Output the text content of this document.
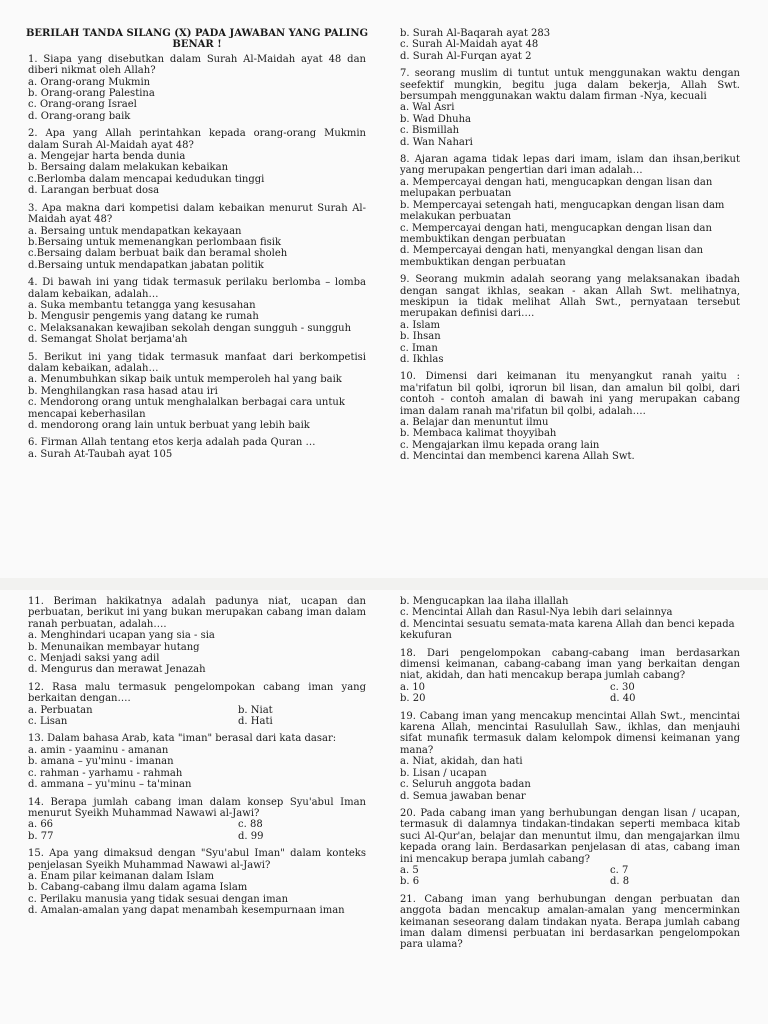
BERILAH TANDA SILANG (X) PADA JAWABAN YANG PALING BENAR !

1. Siapa yang disebutkan dalam Surah Al-Maidah ayat 48 dan diberi nikmat oleh Allah?

a. Orang-orang Mukmin

b. Orang-orang Palestina

c. Orang-orang Israel

d. Orang-orang baik

2. Apa yang Allah perintahkan kepada orang-orang Mukmin dalam Surah Al-Maidah ayat 48?

a. Mengejar harta benda dunia

b. Bersaing dalam melakukan kebaikan

c.Berlomba dalam mencapai kedudukan tinggi

d. Larangan berbuat dosa

3. Apa makna dari kompetisi dalam kebaikan menurut Surah Al-Maidah ayat 48?

a. Bersaing untuk mendapatkan kekayaan

b.Bersaing untuk memenangkan perlombaan fisik

c.Bersaing dalam berbuat baik dan beramal sholeh

d.Bersaing untuk mendapatkan jabatan politik

4. Di bawah ini yang tidak termasuk perilaku berlomba – lomba dalam kebaikan, adalah…

a. Suka membantu tetangga yang kesusahan

b. Mengusir pengemis yang datang ke rumah

c. Melaksanakan kewajiban sekolah dengan sungguh - sungguh

d. Semangat Sholat berjama'ah

5. Berikut ini yang tidak termasuk manfaat dari berkompetisi dalam kebaikan, adalah…

a. Menumbuhkan sikap baik untuk memperoleh hal yang baik

b. Menghilangkan rasa hasad atau iri

c. Mendorong orang untuk menghalalkan berbagai cara untuk mencapai keberhasilan

d. mendorong orang lain untuk berbuat yang lebih baik

6. Firman Allah tentang etos kerja adalah pada Quran …

a. Surah At-Taubah ayat 105

b. Surah Al-Baqarah ayat 283

c. Surah Al-Maidah ayat 48

d. Surah Al-Furqan ayat 2

7. seorang muslim di tuntut untuk menggunakan waktu dengan seefektif mungkin, begitu juga dalam bekerja, Allah Swt. bersumpah menggunakan waktu dalam firman -Nya, kecuali

a. Wal Asri

b. Wad Dhuha

c. Bismillah

d. Wan Nahari

8. Ajaran agama tidak lepas dari imam, islam dan ihsan,berikut yang merupakan pengertian dari iman adalah…

a. Mempercayai dengan hati, mengucapkan dengan lisan dan melupakan perbuatan

b. Mempercayai setengah hati, mengucapkan dengan lisan dam melakukan perbuatan

c. Mempercayai dengan hati, mengucapkan dengan lisan dan membuktikan dengan perbuatan

d. Mempercayai dengan hati, menyangkal dengan lisan dan membuktikan dengan perbuatan

9. Seorang mukmin adalah seorang yang melaksanakan ibadah dengan sangat ikhlas, seakan - akan Allah Swt. melihatnya, meskipun ia tidak melihat Allah Swt., pernyataan tersebut merupakan definisi dari….

a. Islam

b. Ihsan

c. Iman

d. Ikhlas

10. Dimensi dari keimanan itu menyangkut ranah yaitu : ma'rifatun bil qolbi, iqrorun bil lisan, dan amalun bil qolbi, dari contoh - contoh amalan di bawah ini yang merupakan cabang iman dalam ranah ma'rifatun bil qolbi, adalah….

a. Belajar dan menuntut ilmu

b. Membaca kalimat thoyyibah

c. Mengajarkan ilmu kepada orang lain

d. Mencintai dan membenci karena Allah Swt.

11. Beriman hakikatnya adalah padunya niat, ucapan dan perbuatan, berikut ini yang bukan merupakan cabang iman dalam ranah perbuatan, adalah….

a. Menghindari ucapan yang sia - sia

b. Menunaikan membayar hutang

c. Menjadi saksi yang adil

d. Mengurus dan merawat Jenazah

12. Rasa malu termasuk pengelompokan cabang iman yang berkaitan dengan….

a. Perbuatan	b. Niat

c. Lisan	d. Hati

13. Dalam bahasa Arab, kata "iman" berasal dari kata dasar:

a. amin - yaaminu - amanan

b. amana – yu'minu - imanan

c. rahman - yarhamu - rahmah

d. ammana – yu'minu – ta'minan

14. Berapa jumlah cabang iman dalam konsep Syu'abul Iman menurut Syeikh Muhammad Nawawi al-Jawi?

a. 66	c. 88

b. 77	d. 99

15. Apa yang dimaksud dengan "Syu'abul Iman" dalam konteks penjelasan Syeikh Muhammad Nawawi al-Jawi?

a. Enam pilar keimanan dalam Islam

b. Cabang-cabang ilmu dalam agama Islam

c. Perilaku manusia yang tidak sesuai dengan iman

d. Amalan-amalan yang dapat menambah kesempurnaan iman

b. Mengucapkan laa ilaha illallah

c. Mencintai Allah dan Rasul-Nya lebih dari selainnya

d. Mencintai sesuatu semata-mata karena Allah dan benci kepada kekufuran

18. Dari pengelompokan cabang-cabang iman berdasarkan dimensi keimanan, cabang-cabang iman yang berkaitan dengan niat, akidah, dan hati mencakup berapa jumlah cabang?

a. 10	c. 30

b. 20	d. 40

19. Cabang iman yang mencakup mencintai Allah Swt., mencintai karena Allah, mencintai Rasulullah Saw., ikhlas, dan menjauhi sifat munafik termasuk dalam kelompok dimensi keimanan yang mana?

a. Niat, akidah, dan hati

b. Lisan / ucapan

c. Seluruh anggota badan

d. Semua jawaban benar

20. Pada cabang iman yang berhubungan dengan lisan / ucapan, termasuk di dalamnya tindakan-tindakan seperti membaca kitab suci Al-Qur'an, belajar dan menuntut ilmu, dan mengajarkan ilmu kepada orang lain. Berdasarkan penjelasan di atas, cabang iman ini mencakup berapa jumlah cabang?

a. 5	c. 7

b. 6	d. 8

21. Cabang iman yang berhubungan dengan perbuatan dan anggota badan mencakup amalan-amalan yang mencerminkan keimanan seseorang dalam tindakan nyata. Berapa jumlah cabang iman dalam dimensi perbuatan ini berdasarkan pengelompokan para ulama?
